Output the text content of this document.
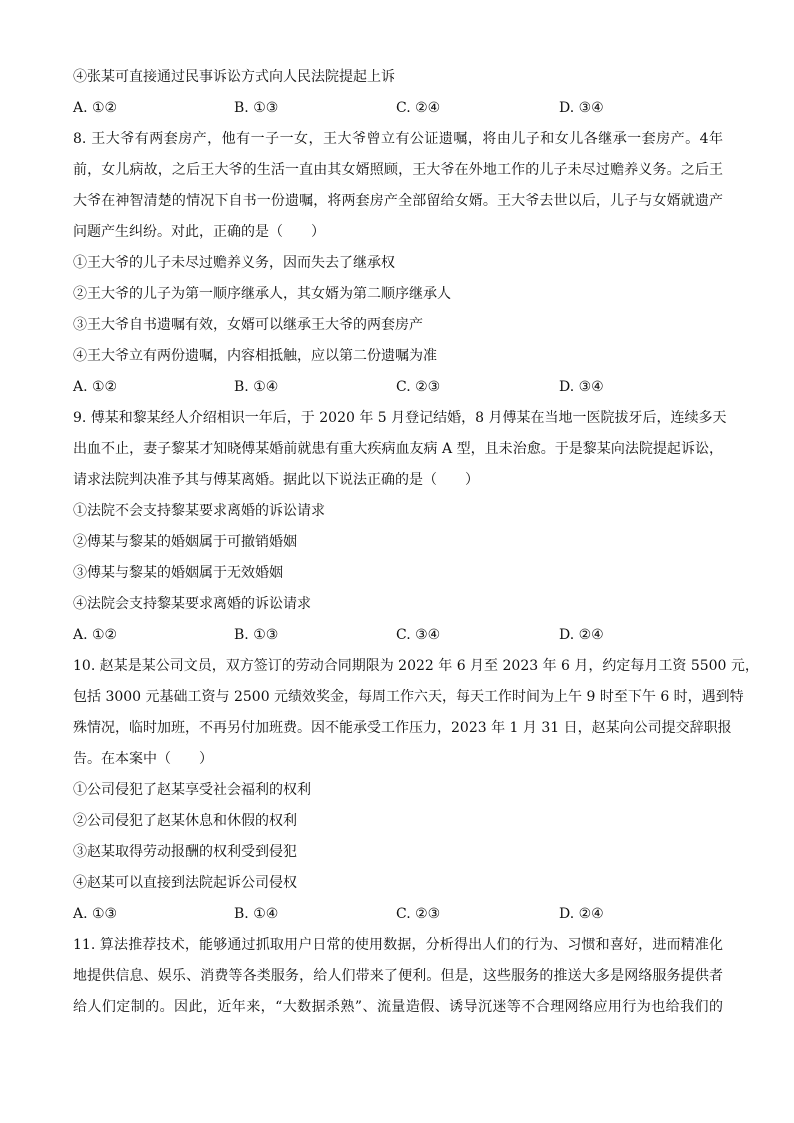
④张某可直接通过民事诉讼方式向人民法院提起上诉
A. ①②	B. ①③	C. ②④	D. ③④
8. 王大爷有两套房产，他有一子一女，王大爷曾立有公证遗嘱，将由儿子和女儿各继承一套房产。4年
前，女儿病故，之后王大爷的生活一直由其女婿照顾，王大爷在外地工作的儿子未尽过赡养义务。之后王
大爷在神智清楚的情况下自书一份遗嘱，将两套房产全部留给女婿。王大爷去世以后，儿子与女婿就遗产
问题产生纠纷。对此，正确的是（　　）
①王大爷的儿子未尽过赡养义务，因而失去了继承权
②王大爷的儿子为第一顺序继承人，其女婿为第二顺序继承人
③王大爷自书遗嘱有效，女婿可以继承王大爷的两套房产
④王大爷立有两份遗嘱，内容相抵触，应以第二份遗嘱为准
A. ①②	B. ①④	C. ②③	D. ③④
9. 傅某和黎某经人介绍相识一年后，于 2020 年 5 月登记结婚，8 月傅某在当地一医院拔牙后，连续多天
出血不止，妻子黎某才知晓傅某婚前就患有重大疾病血友病 A 型，且未治愈。于是黎某向法院提起诉讼，
请求法院判决准予其与傅某离婚。据此以下说法正确的是（　　）
①法院不会支持黎某要求离婚的诉讼请求
②傅某与黎某的婚姻属于可撤销婚姻
③傅某与黎某的婚姻属于无效婚姻
④法院会支持黎某要求离婚的诉讼请求
A. ①②	B. ①③	C. ③④	D. ②④
10. 赵某是某公司文员，双方签订的劳动合同期限为 2022 年 6 月至 2023 年 6 月，约定每月工资 5500 元，
包括 3000 元基础工资与 2500 元绩效奖金，每周工作六天，每天工作时间为上午 9 时至下午 6 时，遇到特
殊情况，临时加班，不再另付加班费。因不能承受工作压力，2023 年 1 月 31 日，赵某向公司提交辞职报
告。在本案中（　　）
①公司侵犯了赵某享受社会福利的权利
②公司侵犯了赵某休息和休假的权利
③赵某取得劳动报酬的权利受到侵犯
④赵某可以直接到法院起诉公司侵权
A. ①③	B. ①④	C. ②③	D. ②④
11. 算法推荐技术，能够通过抓取用户日常的使用数据，分析得出人们的行为、习惯和喜好，进而精准化
地提供信息、娱乐、消费等各类服务，给人们带来了便利。但是，这些服务的推送大多是网络服务提供者
给人们定制的。因此，近年来，“大数据杀熟”、流量造假、诱导沉迷等不合理网络应用行为也给我们的
